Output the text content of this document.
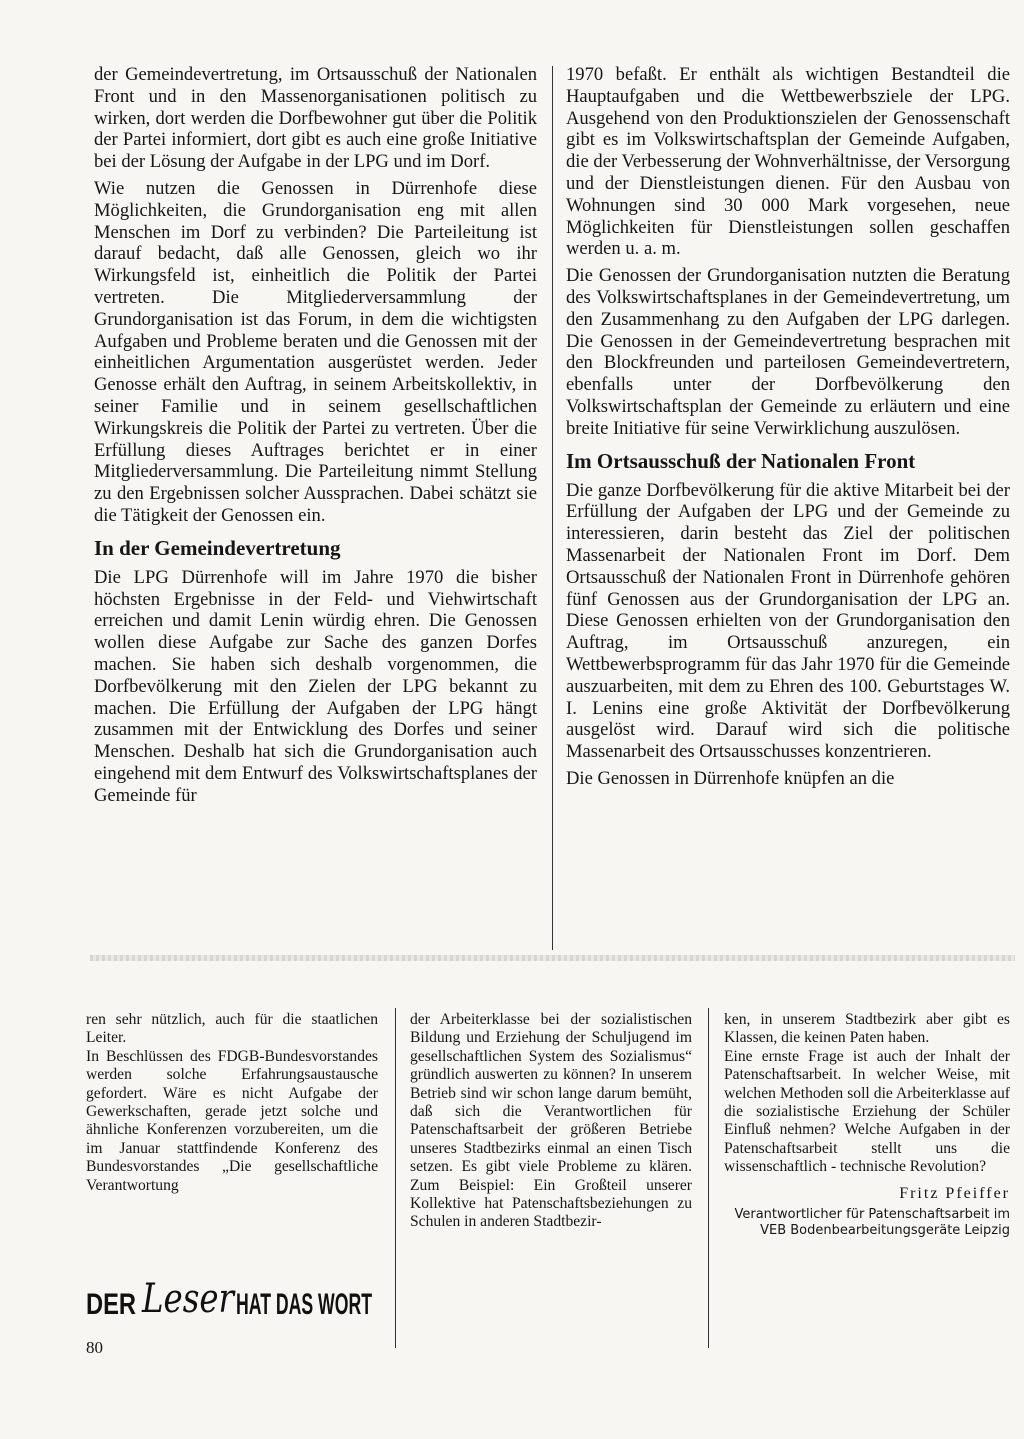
der Gemeindevertretung, im Ortsausschuß der Nationalen Front und in den Massenorganisationen politisch zu wirken, dort werden die Dorfbewohner gut über die Politik der Partei informiert, dort gibt es auch eine große Initiative bei der Lösung der Aufgabe in der LPG und im Dorf.

Wie nutzen die Genossen in Dürrenhofe diese Möglichkeiten, die Grundorganisation eng mit allen Menschen im Dorf zu verbinden? Die Parteileitung ist darauf bedacht, daß alle Genossen, gleich wo ihr Wirkungsfeld ist, einheitlich die Politik der Partei vertreten. Die Mitgliederversammlung der Grundorganisation ist das Forum, in dem die wichtigsten Aufgaben und Probleme beraten und die Genossen mit der einheitlichen Argumentation ausgerüstet werden. Jeder Genosse erhält den Auftrag, in seinem Arbeitskollektiv, in seiner Familie und in seinem gesellschaftlichen Wirkungskreis die Politik der Partei zu vertreten. Über die Erfüllung dieses Auftrages berichtet er in einer Mitgliederversammlung. Die Parteileitung nimmt Stellung zu den Ergebnissen solcher Aussprachen. Dabei schätzt sie die Tätigkeit der Genossen ein.

In der Gemeindevertretung

Die LPG Dürrenhofe will im Jahre 1970 die bisher höchsten Ergebnisse in der Feld- und Viehwirtschaft erreichen und damit Lenin würdig ehren. Die Genossen wollen diese Aufgabe zur Sache des ganzen Dorfes machen. Sie haben sich deshalb vorgenommen, die Dorfbevölkerung mit den Zielen der LPG bekannt zu machen. Die Erfüllung der Aufgaben der LPG hängt zusammen mit der Entwicklung des Dorfes und seiner Menschen. Deshalb hat sich die Grundorganisation auch eingehend mit dem Entwurf des Volkswirtschaftsplanes der Gemeinde für

1970 befaßt. Er enthält als wichtigen Bestandteil die Hauptaufgaben und die Wettbewerbsziele der LPG. Ausgehend von den Produktionszielen der Genossenschaft gibt es im Volkswirtschaftsplan der Gemeinde Aufgaben, die der Verbesserung der Wohnverhältnisse, der Versorgung und der Dienstleistungen dienen. Für den Ausbau von Wohnungen sind 30 000 Mark vorgesehen, neue Möglichkeiten für Dienstleistungen sollen geschaffen werden u. a. m.

Die Genossen der Grundorganisation nutzten die Beratung des Volkswirtschaftsplanes in der Gemeindevertretung, um den Zusammenhang zu den Aufgaben der LPG darlegen. Die Genossen in der Gemeindevertretung besprachen mit den Blockfreunden und parteilosen Gemeindevertretern, ebenfalls unter der Dorfbevölkerung den Volkswirtschaftsplan der Gemeinde zu erläutern und eine breite Initiative für seine Verwirklichung auszulösen.

Im Ortsausschuß der Nationalen Front

Die ganze Dorfbevölkerung für die aktive Mitarbeit bei der Erfüllung der Aufgaben der LPG und der Gemeinde zu interessieren, darin besteht das Ziel der politischen Massenarbeit der Nationalen Front im Dorf. Dem Ortsausschuß der Nationalen Front in Dürrenhofe gehören fünf Genossen aus der Grundorganisation der LPG an. Diese Genossen erhielten von der Grundorganisation den Auftrag, im Ortsausschuß anzuregen, ein Wettbewerbsprogramm für das Jahr 1970 für die Gemeinde auszuarbeiten, mit dem zu Ehren des 100. Geburtstages W. I. Lenins eine große Aktivität der Dorfbevölkerung ausgelöst wird. Darauf wird sich die politische Massenarbeit des Ortsausschusses konzentrieren.

Die Genossen in Dürrenhofe knüpfen an die

ren sehr nützlich, auch für die staatlichen Leiter.

In Beschlüssen des FDGB-Bundesvorstandes werden solche Erfahrungsaustausche gefordert. Wäre es nicht Aufgabe der Gewerkschaften, gerade jetzt solche und ähnliche Konferenzen vorzubereiten, um die im Januar stattfindende Konferenz des Bundesvorstandes „Die gesellschaftliche Verantwortung

der Arbeiterklasse bei der sozialistischen Bildung und Erziehung der Schuljugend im gesellschaftlichen System des Sozialismus“ gründlich auswerten zu können? In unserem Betrieb sind wir schon lange darum bemüht, daß sich die Verantwortlichen für Patenschaftsarbeit der größeren Betriebe unseres Stadtbezirks einmal an einen Tisch setzen. Es gibt viele Probleme zu klären. Zum Beispiel: Ein Großteil unserer Kollektive hat Patenschaftsbeziehungen zu Schulen in anderen Stadtbezir-

ken, in unserem Stadtbezirk aber gibt es Klassen, die keinen Paten haben.

Eine ernste Frage ist auch der Inhalt der Patenschaftsarbeit. In welcher Weise, mit welchen Methoden soll die Arbeiterklasse auf die sozialistische Erziehung der Schüler Einfluß nehmen? Welche Aufgaben in der Patenschaftsarbeit stellt uns die wissenschaftlich - technische Revolution?

Fritz Pfeiffer

Verantwortlicher für Patenschaftsarbeit im VEB Bodenbearbeitungsgeräte Leipzig

DER Leser HAT DAS WORT
80
